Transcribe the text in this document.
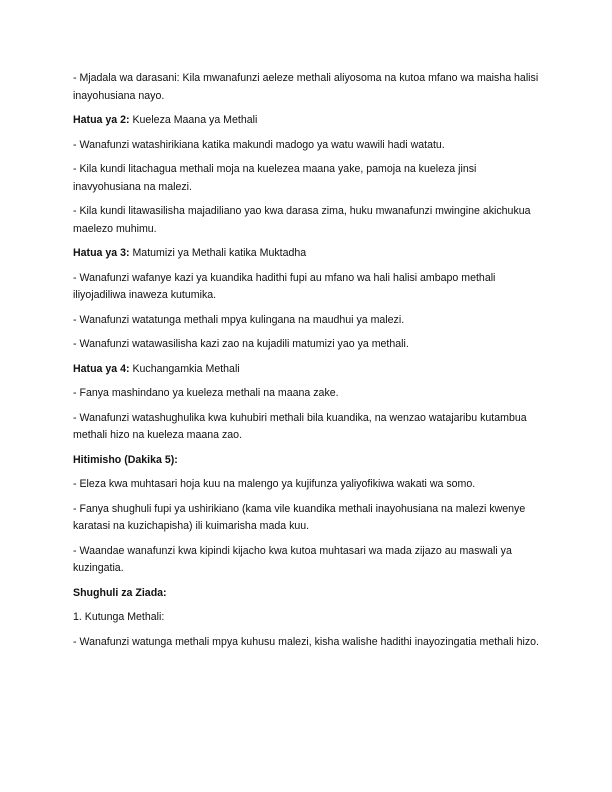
- Mjadala wa darasani: Kila mwanafunzi aeleze methali aliyosoma na kutoa mfano wa maisha halisi inayohusiana nayo.

Hatua ya 2: Kueleza Maana ya Methali

- Wanafunzi watashirikiana katika makundi madogo ya watu wawili hadi watatu.

- Kila kundi litachagua methali moja na kuelezea maana yake, pamoja na kueleza jinsi inavyohusiana na malezi.

- Kila kundi litawasilisha majadiliano yao kwa darasa zima, huku mwanafunzi mwingine akichukua maelezo muhimu.

Hatua ya 3: Matumizi ya Methali katika Muktadha

- Wanafunzi wafanye kazi ya kuandika hadithi fupi au mfano wa hali halisi ambapo methali iliyojadiliwa inaweza kutumika.

- Wanafunzi watatunga methali mpya kulingana na maudhui ya malezi.

- Wanafunzi watawasilisha kazi zao na kujadili matumizi yao ya methali.

Hatua ya 4: Kuchangamkia Methali

- Fanya mashindano ya kueleza methali na maana zake.

- Wanafunzi watashughulika kwa kuhubiri methali bila kuandika, na wenzao watajaribu kutambua methali hizo na kueleza maana zao.

Hitimisho (Dakika 5):

- Eleza kwa muhtasari hoja kuu na malengo ya kujifunza yaliyofikiwa wakati wa somo.

- Fanya shughuli fupi ya ushirikiano (kama vile kuandika methali inayohusiana na malezi kwenye karatasi na kuzichapisha) ili kuimarisha mada kuu.

- Waandae wanafunzi kwa kipindi kijacho kwa kutoa muhtasari wa mada zijazo au maswali ya kuzingatia.

Shughuli za Ziada:

1. Kutunga Methali:

- Wanafunzi watunga methali mpya kuhusu malezi, kisha walishe hadithi inayozingatia methali hizo.
